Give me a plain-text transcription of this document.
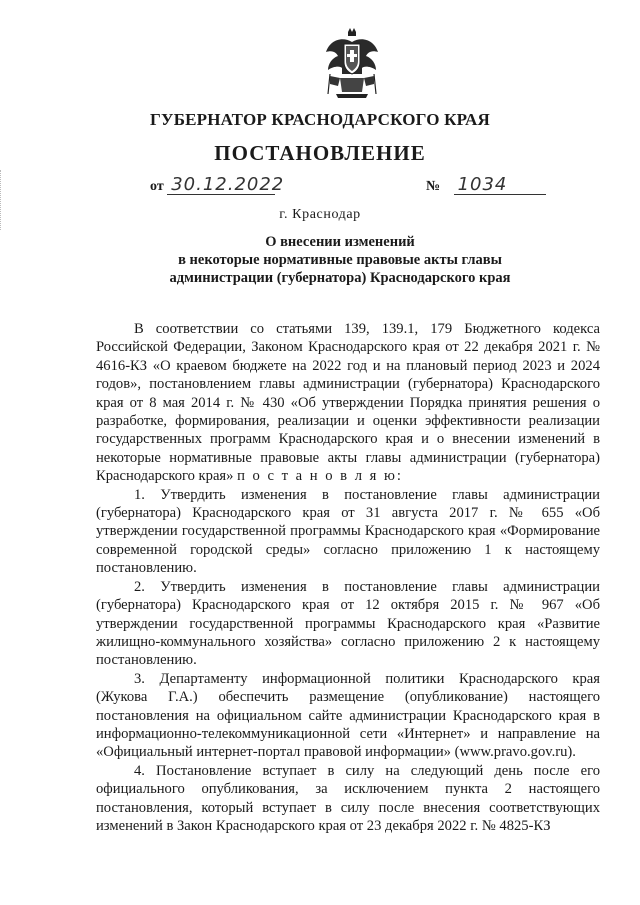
ГУБЕРНАТОР КРАСНОДАРСКОГО КРАЯ
ПОСТАНОВЛЕНИЕ
от 30.12.2022	№ 1034
г. Краснодар
О внесении изменений
в некоторые нормативные правовые акты главы
администрации (губернатора) Краснодарского края

В соответствии со статьями 139, 139.1, 179 Бюджетного кодекса Российской Федерации, Законом Краснодарского края от 22 декабря 2021 г. № 4616-КЗ «О краевом бюджете на 2022 год и на плановый период 2023 и 2024 годов», постановлением главы администрации (губернатора) Краснодарского края от 8 мая 2014 г. № 430 «Об утверждении Порядка принятия решения о разработке, формирования, реализации и оценки эффективности реализации государственных программ Краснодарского края и о внесении изменений в некоторые нормативные правовые акты главы администрации (губернатора) Краснодарского края» п о с т а н о в л я ю:

1. Утвердить изменения в постановление главы администрации (губернатора) Краснодарского края от 31 августа 2017 г. № 655 «Об утверждении государственной программы Краснодарского края «Формирование современной городской среды» согласно приложению 1 к настоящему постановлению.

2. Утвердить изменения в постановление главы администрации (губернатора) Краснодарского края от 12 октября 2015 г. № 967 «Об утверждении государственной программы Краснодарского края «Развитие жилищно-коммунального хозяйства» согласно приложению 2 к настоящему постановлению.

3. Департаменту информационной политики Краснодарского края (Жукова Г.А.) обеспечить размещение (опубликование) настоящего постановления на официальном сайте администрации Краснодарского края в информационно-телекоммуникационной сети «Интернет» и направление на «Официальный интернет-портал правовой информации» (www.pravo.gov.ru).

4. Постановление вступает в силу на следующий день после его официального опубликования, за исключением пункта 2 настоящего постановления, который вступает в силу после внесения соответствующих изменений в Закон Краснодарского края от 23 декабря 2022 г. № 4825-КЗ
